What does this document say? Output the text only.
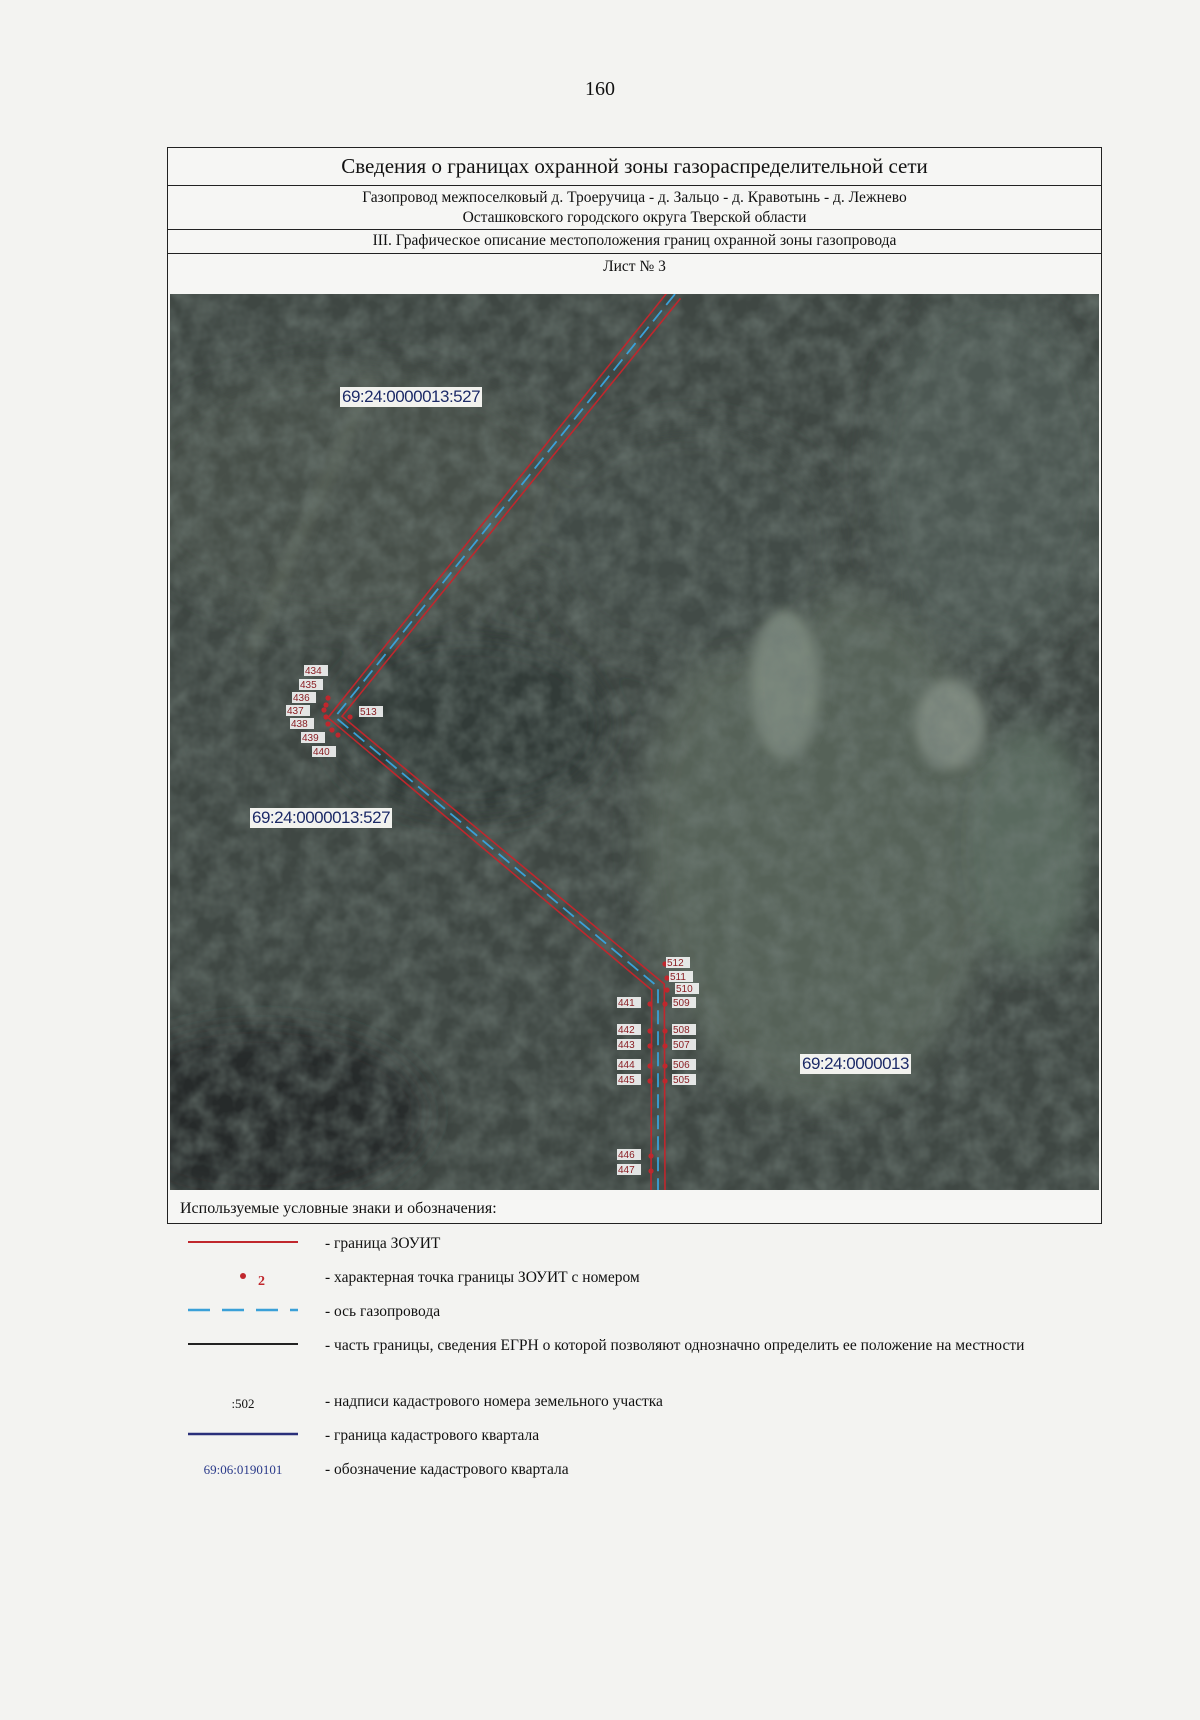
160
Сведения о границах охранной зоны газораспределительной сети
Газопровод межпоселковый д. Троеручица - д. Зальцо - д. Кравотынь - д. Лежнево
Осташковского городского округа Тверской области
III. Графическое описание местоположения границ охранной зоны газопровода
Лист № 3
434
435
436
437
438
439
440
513
441
442
443
444
445
446
447
512
511
510
509
508
507
506
505
69:24:0000013:527
69:24:0000013:527
69:24:0000013
Используемые условные знаки и обозначения:
- граница ЗОУИТ
2	- характерная точка границы ЗОУИТ с номером
- ось газопровода
- часть границы, сведения ЕГРН о которой позволяют однозначно определить ее положение на местности
:502	- надписи кадастрового номера земельного участка
- граница кадастрового квартала
69:06:0190101	- обозначение кадастрового квартала
